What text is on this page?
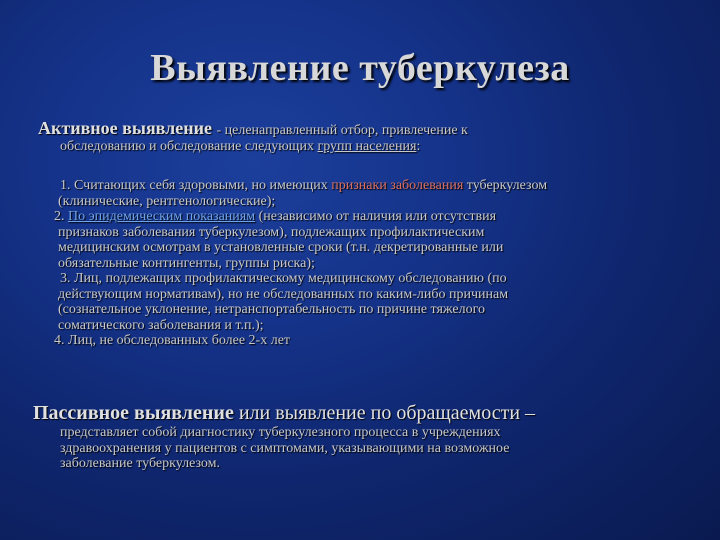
Выявление туберкулеза
Активное выявление - целенаправленный отбор, привлечение к
обследованию и обследование следующих групп населения:
1. Считающих себя здоровыми, но имеющих признаки заболевания туберкулезом
(клинические, рентгенологические);
2. По эпидемическим показаниям (независимо от наличия или отсутствия
признаков заболевания туберкулезом), подлежащих профилактическим
медицинским осмотрам в установленные сроки (т.н. декретированные или
обязательные контингенты, группы риска);
3. Лиц, подлежащих профилактическому медицинскому обследованию (по
действующим нормативам), но не обследованных по каким-либо причинам
(сознательное уклонение, нетранспортабельность по причине тяжелого
соматического заболевания и т.п.);
4. Лиц, не обследованных более 2-х лет
Пассивное выявление или выявление по обращаемости –
представляет собой диагностику туберкулезного процесса в учреждениях
здравоохранения у пациентов с симптомами, указывающими на возможное
заболевание туберкулезом.
